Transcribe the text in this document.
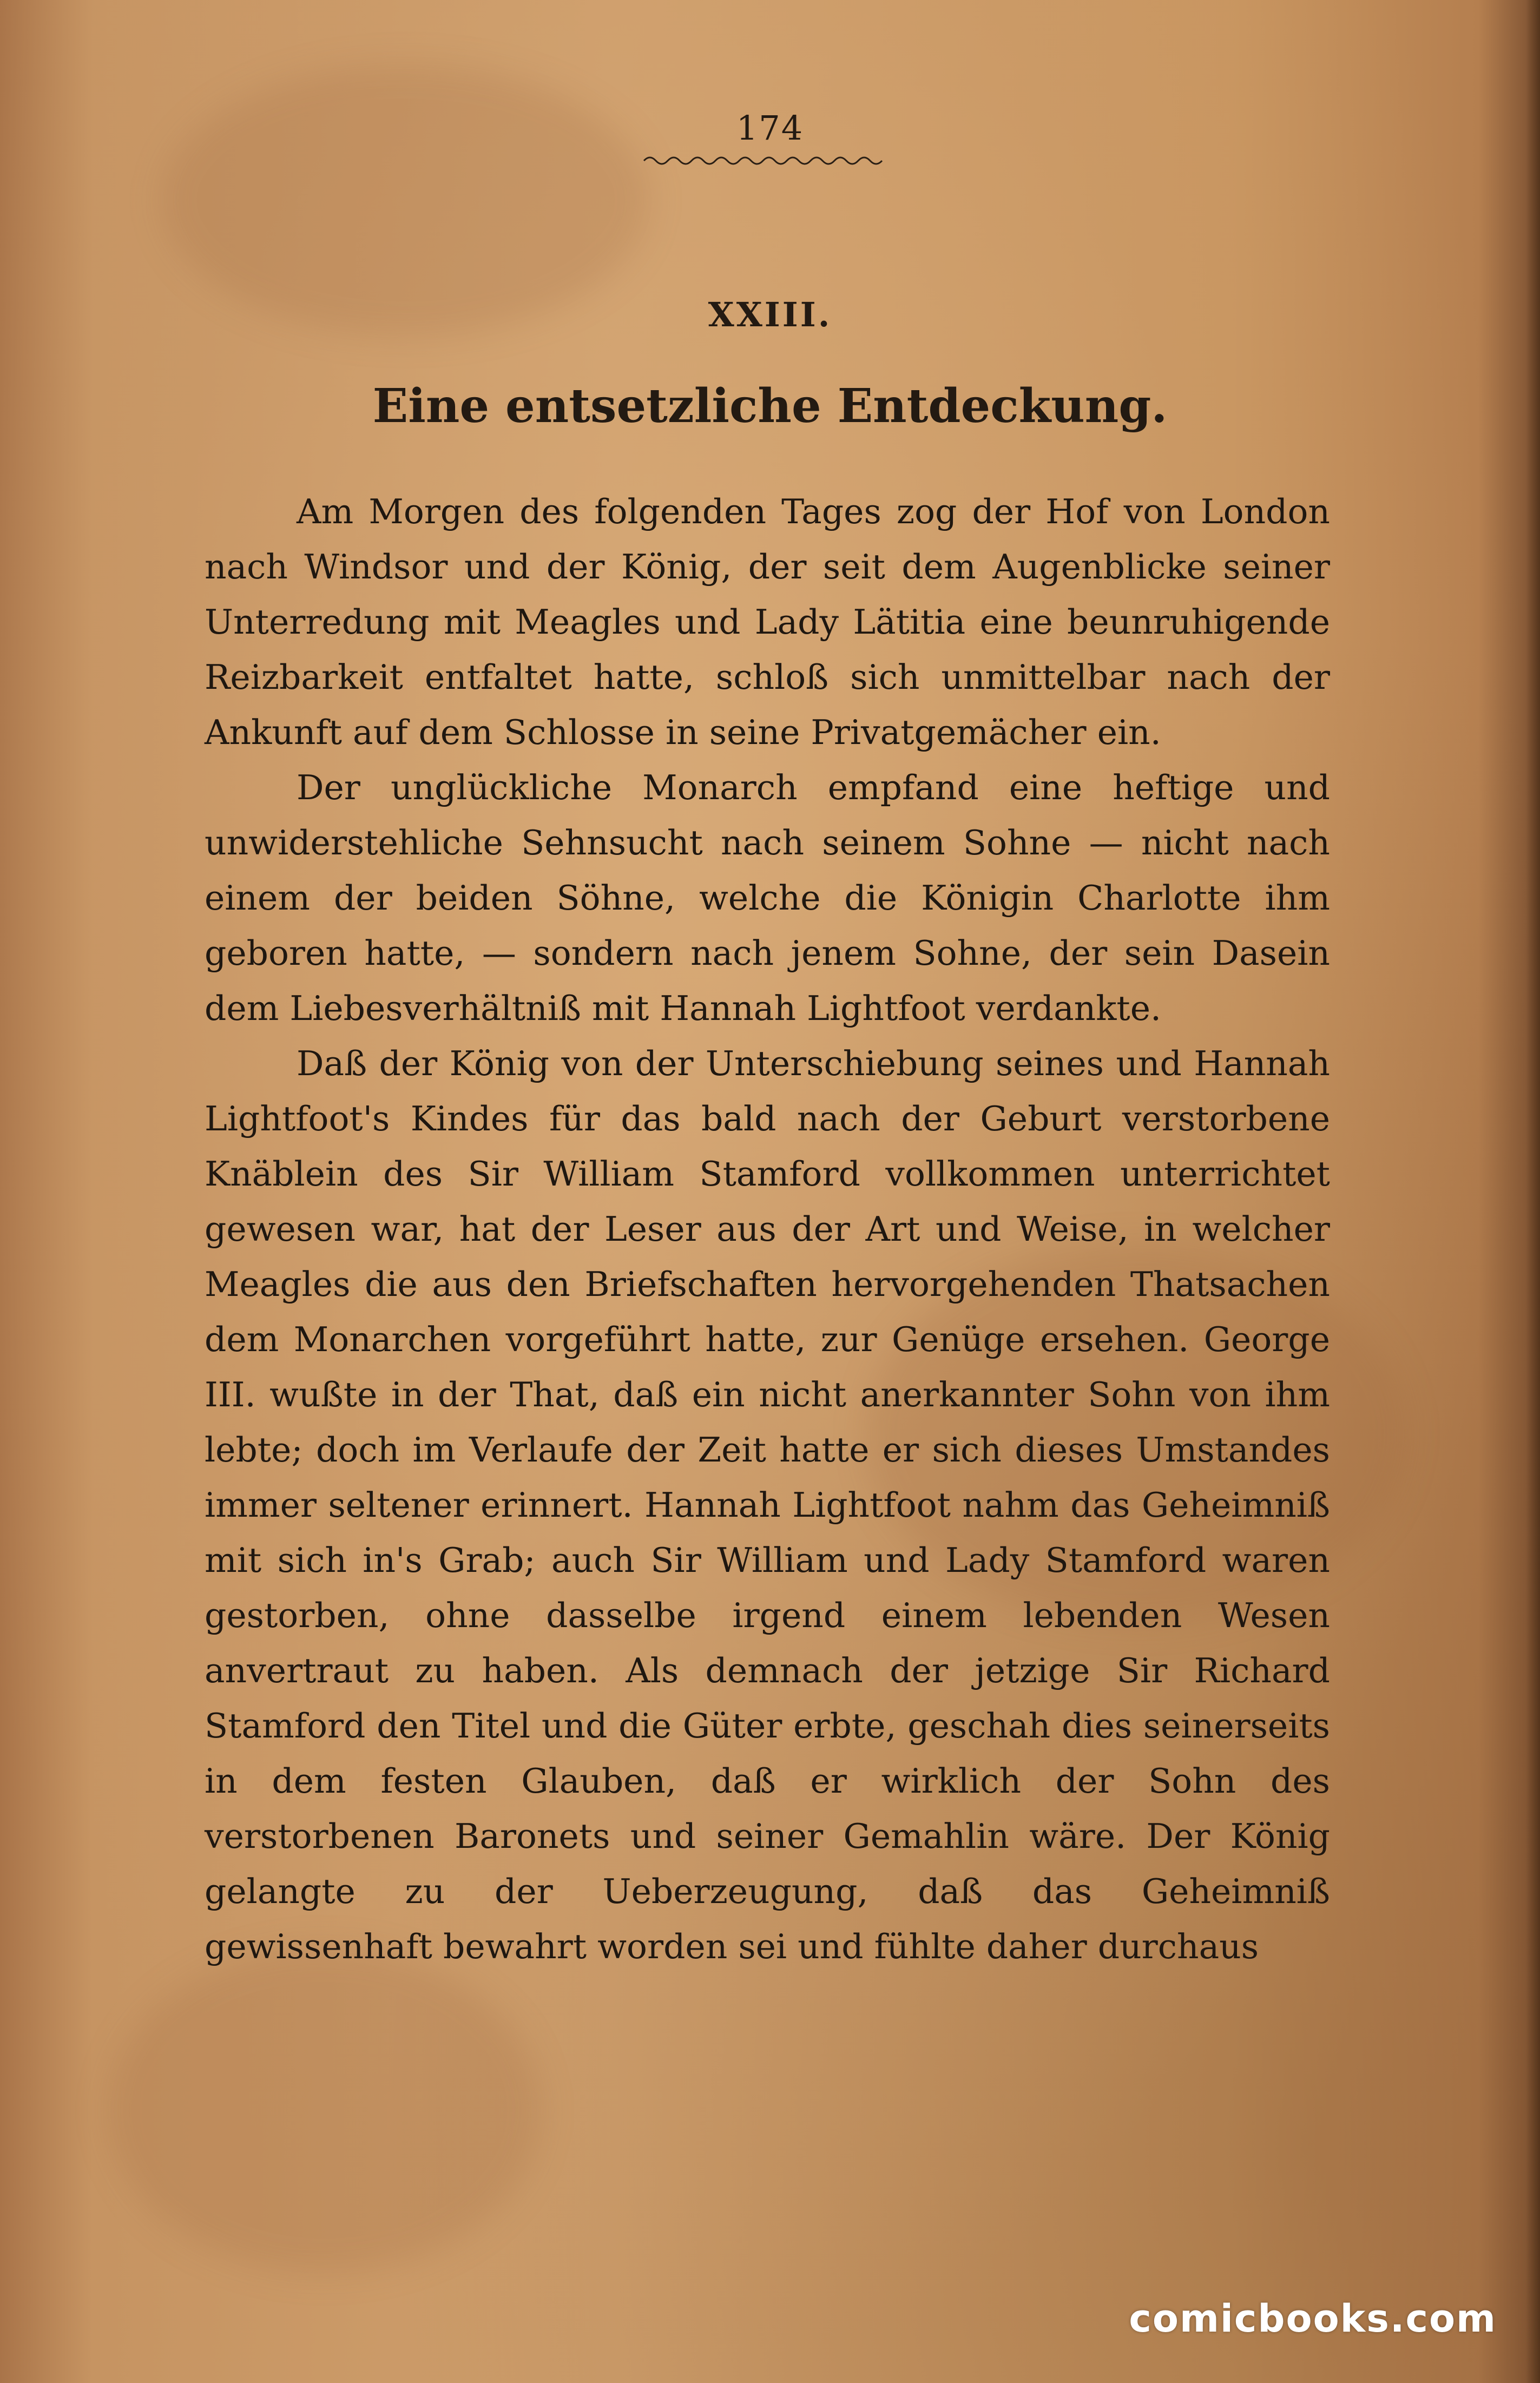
174
XXIII.
Eine entsetzliche Entdeckung.

Am Morgen des folgenden Tages zog der Hof von London nach Windsor und der König, der seit dem Augenblicke seiner Unterredung mit Meagles und Lady Lätitia eine beunruhigende Reizbarkeit entfaltet hatte, schloß sich unmittelbar nach der Ankunft auf dem Schlosse in seine Privatgemächer ein.

Der unglückliche Monarch empfand eine heftige und unwiderstehliche Sehnsucht nach seinem Sohne — nicht nach einem der beiden Söhne, welche die Königin Charlotte ihm geboren hatte, — sondern nach jenem Sohne, der sein Dasein dem Liebesverhältniß mit Hannah Lightfoot verdankte.

Daß der König von der Unterschiebung seines und Hannah Lightfoot's Kindes für das bald nach der Geburt verstorbene Knäblein des Sir William Stamford vollkommen unterrichtet gewesen war, hat der Leser aus der Art und Weise, in welcher Meagles die aus den Briefschaften hervorgehenden Thatsachen dem Monarchen vorgeführt hatte, zur Genüge ersehen. George III. wußte in der That, daß ein nicht anerkannter Sohn von ihm lebte; doch im Verlaufe der Zeit hatte er sich dieses Umstandes immer seltener erinnert. Hannah Lightfoot nahm das Geheimniß mit sich in's Grab; auch Sir William und Lady Stamford waren gestorben, ohne dasselbe irgend einem lebenden Wesen anvertraut zu haben. Als demnach der jetzige Sir Richard Stamford den Titel und die Güter erbte, geschah dies seinerseits in dem festen Glauben, daß er wirklich der Sohn des verstorbenen Baronets und seiner Gemahlin wäre. Der König gelangte zu der Ueberzeugung, daß das Geheimniß gewissenhaft bewahrt worden sei und fühlte daher durchaus

comicbooks.com
